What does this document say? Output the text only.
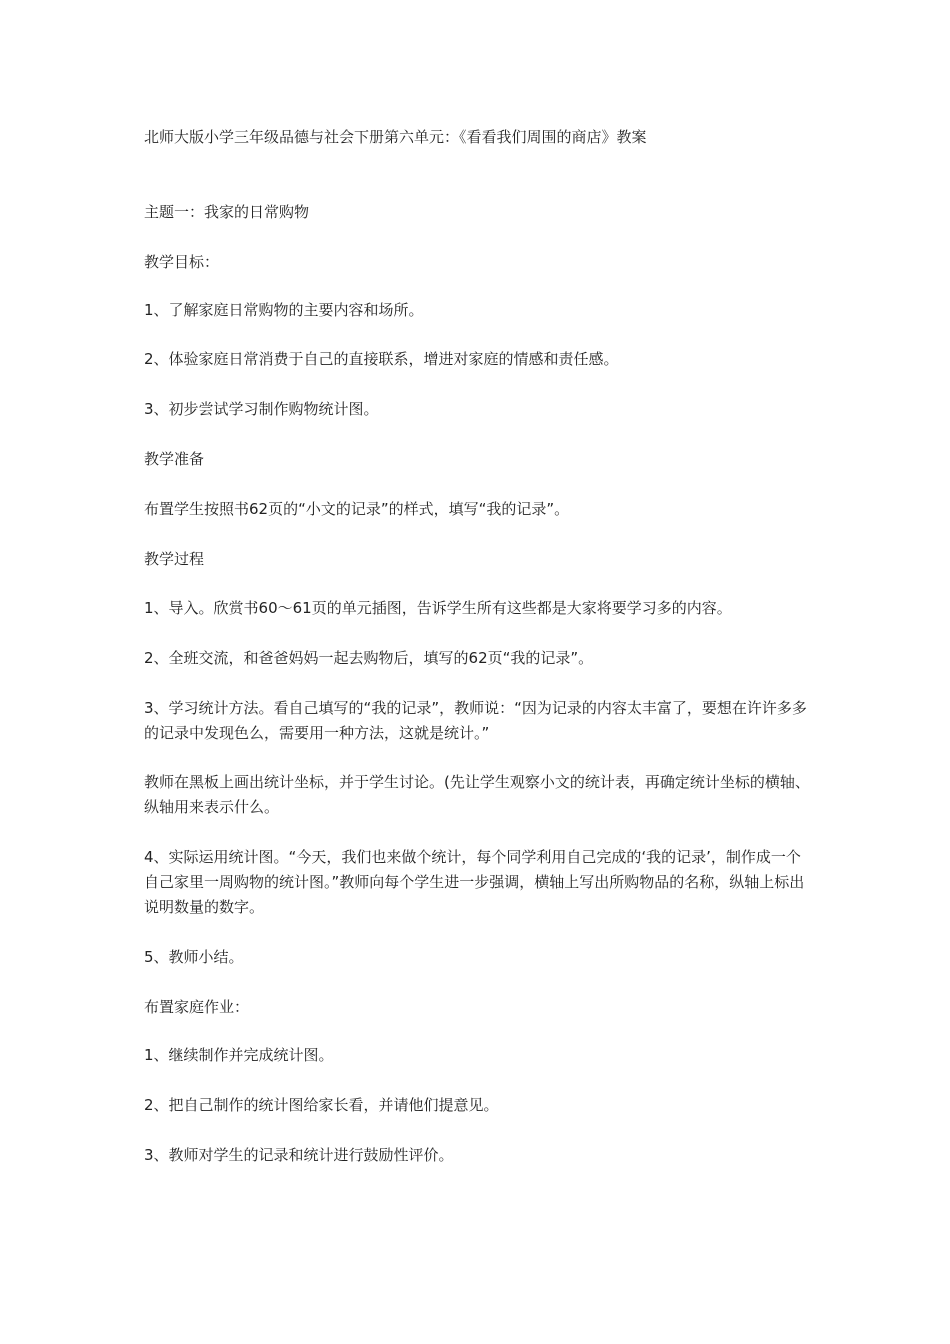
北师大版小学三年级品德与社会下册第六单元：《看看我们周围的商店》教案
主题一：我家的日常购物
教学目标：
1、了解家庭日常购物的主要内容和场所。
2、体验家庭日常消费于自己的直接联系，增进对家庭的情感和责任感。
3、初步尝试学习制作购物统计图。
教学准备
布置学生按照书62页的“小文的记录”的样式，填写“我的记录”。
教学过程
1、导入。欣赏书60～61页的单元插图，告诉学生所有这些都是大家将要学习多的内容。
2、全班交流，和爸爸妈妈一起去购物后，填写的62页“我的记录”。
3、学习统计方法。看自己填写的“我的记录”，教师说：“因为记录的内容太丰富了，要想在许许多多的记录中发现色么，需要用一种方法，这就是统计。”
教师在黑板上画出统计坐标，并于学生讨论。(先让学生观察小文的统计表，再确定统计坐标的横轴、纵轴用来表示什么。
4、实际运用统计图。“今天，我们也来做个统计，每个同学利用自己完成的‘我的记录’，制作成一个自己家里一周购物的统计图。”教师向每个学生进一步强调，横轴上写出所购物品的名称，纵轴上标出说明数量的数字。
5、教师小结。
布置家庭作业：
1、继续制作并完成统计图。
2、把自己制作的统计图给家长看，并请他们提意见。
3、教师对学生的记录和统计进行鼓励性评价。
